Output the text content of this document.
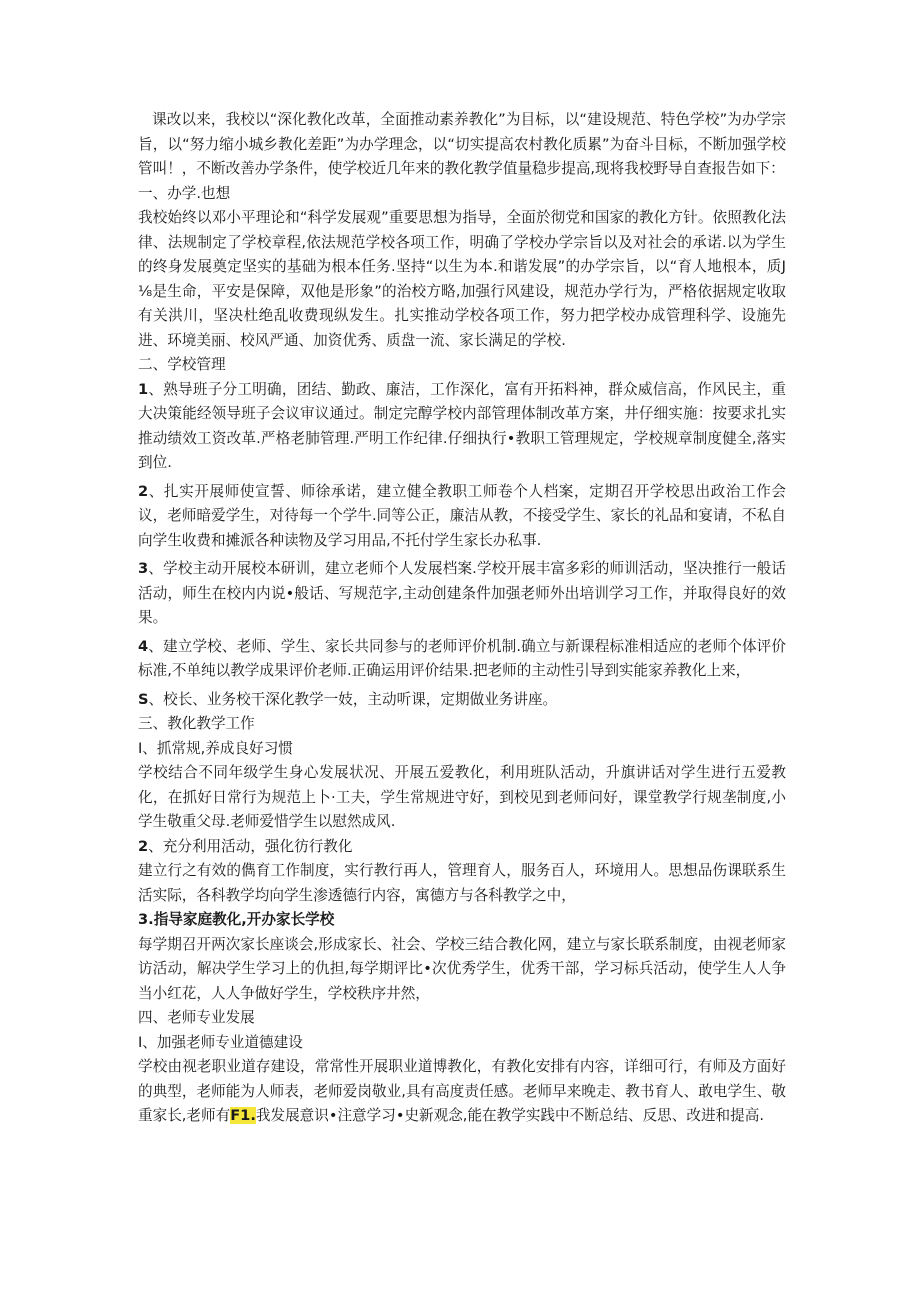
课改以来，我校以“深化教化改革，全面推动素养教化”为目标，以“建设规范、特色学校”为办学宗旨，以“努力缩小城乡教化差距”为办学理念，以“切实提高农村教化质累”为奋斗目标，不断加强学校管叫！，不断改善办学条件，使学校近几年来的教化教学值量稳步提高,现将我校野导自查报告如下：

一、办学.也想

我校始终以邓小平理论和“科学发展观”重要思想为指导，全面於彻党和国家的教化方针。依照教化法律、法规制定了学校章程,依法规范学校各项工作，明确了学校办学宗旨以及对社会的承诺.以为学生的终身发展奠定坚实的基础为根本任务.坚持“以生为本.和谐发展”的办学宗旨，以“育人地根本，质J⅛是生命，平安是保障，双他是形象”的治校方略,加强行风建设，规范办学行为，严格依据规定收取有关洪川，坚决杜绝乱收费现纵发生。扎实推动学校各项工作，努力把学校办成管理科学、设施先进、环境美丽、校风严通、加资优秀、质盘一流、家长满足的学校.

二、学校管理

1、熟导班子分工明确，团结、勤政、廉洁，工作深化，富有开拓料神，群众威信高，作风民主，重大决策能经领导班子会议审议通过。制定完醇学校内部管理体制改革方案，井仔细实施：按要求扎实推动绩效工资改革.严格老肺管理.严明工作纪律.仔细执行•教职工管理规定，学校规章制度健全,落实到位.

2、扎实开展师使宣誓、师徐承诺，建立健全教职工师卷个人档案，定期召开学校思出政治工作会议，老师暗爱学生，对待每一个学牛.同等公正，廉洁从教，不接受学生、家长的礼品和宴请，不私自向学生收费和摊派各种读物及学习用品,不托付学生家长办私事.

3、学校主动开展校本研训，建立老师个人发展档案.学校开展丰富多彩的师训活动，坚决推行一般话活动，师生在校内内说•般话、写规范字,主动创建条件加强老师外出培训学习工作，并取得良好的效果。

4、建立学校、老师、学生、家长共同参与的老师评价机制.确立与新课程标准相适应的老师个体评价标准,不单纯以教学成果评价老师.正确运用评价结果.把老师的主动性引导到实能家养教化上来，

S、校长、业务校干深化教学一妓，主动听课，定期做业务讲座。

三、教化教学工作

I、抓常规,养成良好习惯

学校结合不同年级学生身心发展状况、开展五爱教化，利用班队活动，升旗讲话对学生进行五爱教化，在抓好日常行为规范上卜·工夫，学生常规进守好，到校见到老师问好，课堂教学行规垄制度,小学生敬重父母.老师爱惜学生以慰然成风.

2、充分利用活动，强化彷行教化

建立行之有效的儁育工作制度，实行教行再人，管理育人，服务百人，环境用人。思想品伤课联系生活实际，各科教学均向学生渗透德行内容，寓德方与各科教学之中，

3.指导家庭教化,开办家长学校

每学期召开两次家长座谈会,形成家长、社会、学校三结合教化网，建立与家长联系制度，由视老师家访活动，解决学生学习上的仇担,每学期评比•次优秀学生，优秀干部，学习标兵活动，使学生人人争当小红花，人人争做好学生，学校秩序井然，

四、老师专业发展

I、加强老师专业道德建设

学校由视老职业道存建设，常常性开展职业道博教化，有教化安排有内容，详细可行，有师及方面好的典型，老师能为人师表，老师爱岗敬业,具有高度责任感。老师早来晚走、教书育人、敢电学生、敬重家长,老师有F1.我发展意识•注意学习•史新观念,能在教学实践中不断总结、反思、改进和提高.
